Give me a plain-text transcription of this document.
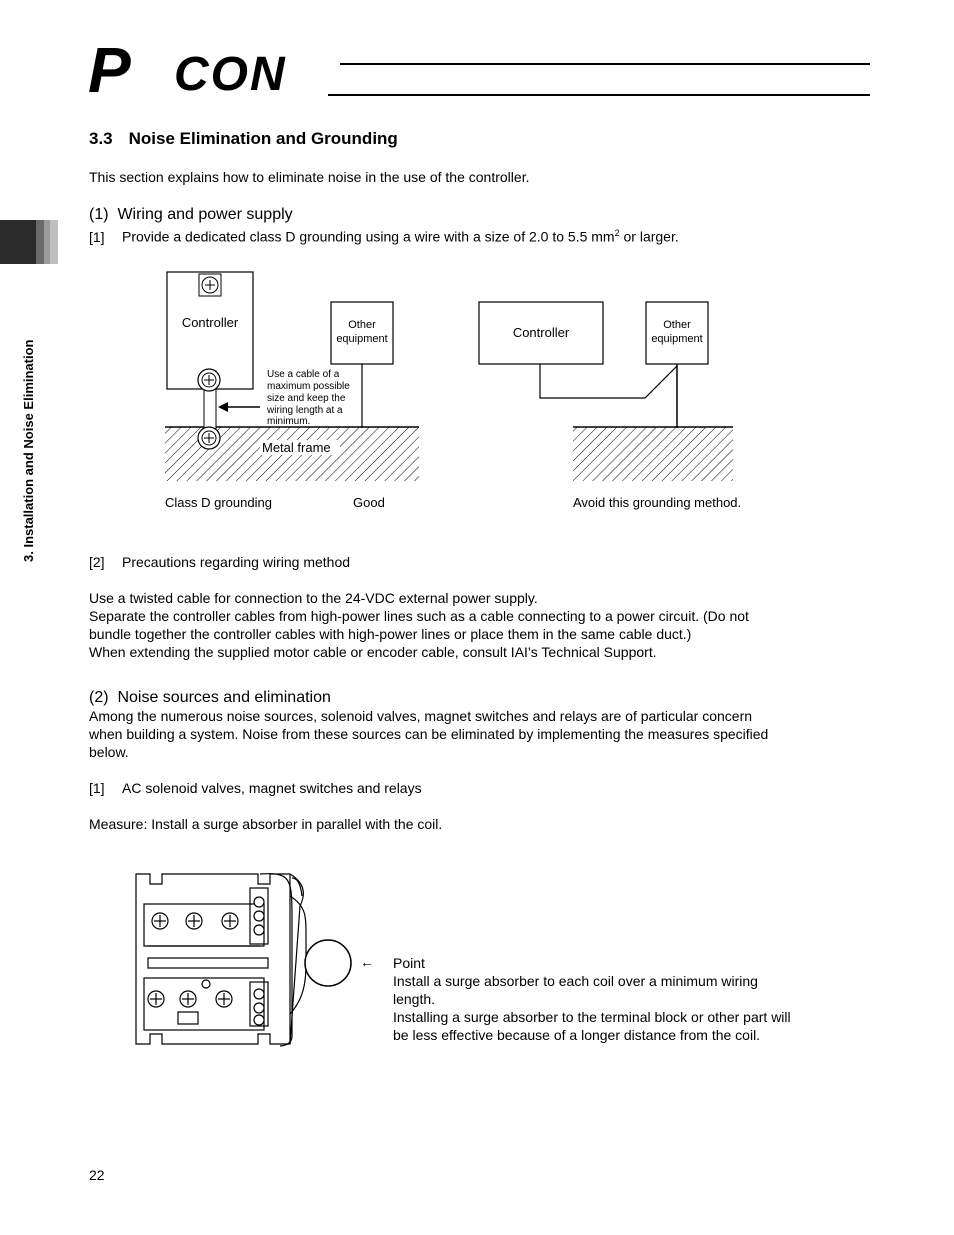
P CON
3. Installation and Noise Elimination
3.3 Noise Elimination and Grounding
This section explains how to eliminate noise in the use of the controller.
(1)  Wiring and power supply
[1] Provide a dedicated class D grounding using a wire with a size of 2.0 to 5.5 $mm^2$ or larger.
Controller	Other
equipment
Metal frame
Use a cable of a
maximum possible
size and keep the
wiring length at a
minimum.
Class D grounding	Good
Controller	Other
equipment
Avoid this grounding method.
[2] Precautions regarding wiring method
Use a twisted cable for connection to the 24-VDC external power supply.
Separate the controller cables from high-power lines such as a cable connecting to a power circuit. (Do not
bundle together the controller cables with high-power lines or place them in the same cable duct.)
When extending the supplied motor cable or encoder cable, consult IAI’s Technical Support.
(2)  Noise sources and elimination
Among the numerous noise sources, solenoid valves, magnet switches and relays are of particular concern
when building a system. Noise from these sources can be eliminated by implementing the measures specified
below.
[1] AC solenoid valves, magnet switches and relays
Measure: Install a surge absorber in parallel with the coil.
← Point
Install a surge absorber to each coil over a minimum wiring
length.
Installing a surge absorber to the terminal block or other part will
be less effective because of a longer distance from the coil.
22
